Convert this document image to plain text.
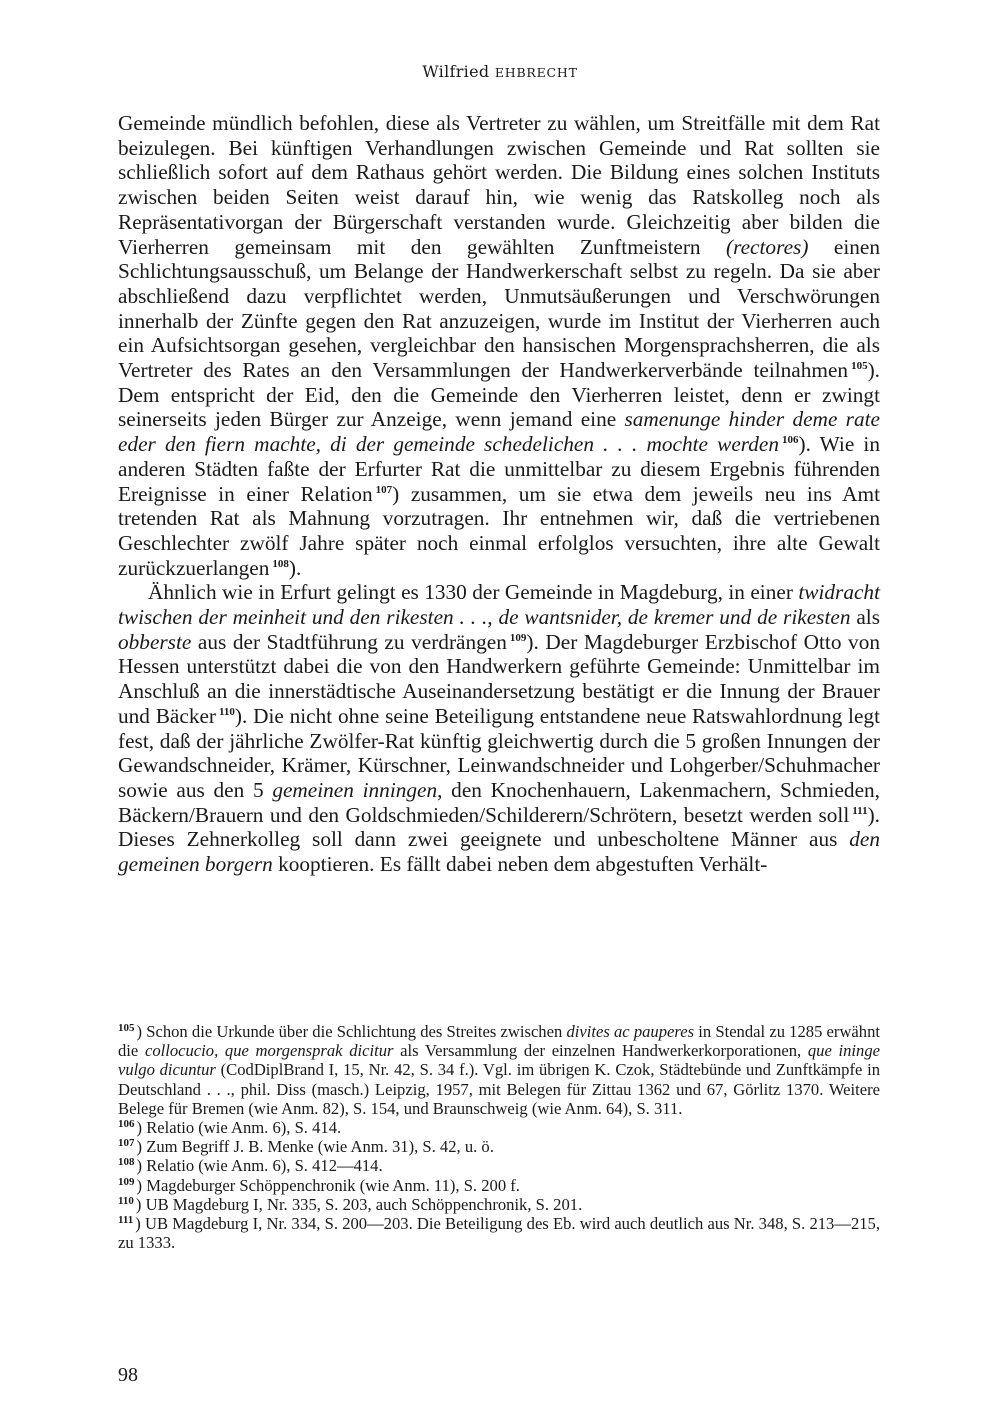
Wilfried EHBRECHT

Gemeinde mündlich befohlen, diese als Vertreter zu wählen, um Streitfälle mit dem Rat beizulegen. Bei künftigen Verhandlungen zwischen Gemeinde und Rat sollten sie schließlich sofort auf dem Rathaus gehört werden. Die Bildung eines solchen Instituts zwischen beiden Seiten weist darauf hin, wie wenig das Ratskolleg noch als Repräsentativorgan der Bürgerschaft verstanden wurde. Gleichzeitig aber bilden die Vierherren gemeinsam mit den gewählten Zunftmeistern (rectores) einen Schlichtungsausschuß, um Belange der Handwerkerschaft selbst zu regeln. Da sie aber abschließend dazu verpflichtet werden, Unmutsäußerungen und Verschwörungen innerhalb der Zünfte gegen den Rat anzuzeigen, wurde im Institut der Vierherren auch ein Aufsichtsorgan gesehen, vergleichbar den hansischen Morgensprachsherren, die als Vertreter des Rates an den Versammlungen der Handwerkerverbände teilnahmen $^{105}$). Dem entspricht der Eid, den die Gemeinde den Vierherren leistet, denn er zwingt seinerseits jeden Bürger zur Anzeige, wenn jemand eine samenunge hinder deme rate eder den fiern machte, di der gemeinde schedelichen . . . mochte werden $^{106}$). Wie in anderen Städten faßte der Erfurter Rat die unmittelbar zu diesem Ergebnis führenden Ereignisse in einer Relation $^{107}$) zusammen, um sie etwa dem jeweils neu ins Amt tretenden Rat als Mahnung vorzutragen. Ihr entnehmen wir, daß die vertriebenen Geschlechter zwölf Jahre später noch einmal erfolglos versuchten, ihre alte Gewalt zurückzuerlangen $^{108}$).

Ähnlich wie in Erfurt gelingt es 1330 der Gemeinde in Magdeburg, in einer twidracht twischen der meinheit und den rikesten . . ., de wantsnider, de kremer und de rikesten als obberste aus der Stadtführung zu verdrängen $^{109}$). Der Magdeburger Erzbischof Otto von Hessen unterstützt dabei die von den Handwerkern geführte Gemeinde: Unmittelbar im Anschluß an die innerstädtische Auseinandersetzung bestätigt er die Innung der Brauer und Bäcker $^{110}$). Die nicht ohne seine Beteiligung entstandene neue Ratswahlordnung legt fest, daß der jährliche Zwölfer-Rat künftig gleichwertig durch die 5 großen Innungen der Gewandschneider, Krämer, Kürschner, Leinwandschneider und Lohgerber/Schuhmacher sowie aus den 5 gemeinen inningen, den Knochenhauern, Lakenmachern, Schmieden, Bäckern/Brauern und den Goldschmieden/Schilderern/Schrötern, besetzt werden soll $^{111}$). Dieses Zehnerkolleg soll dann zwei geeignete und unbescholtene Männer aus den gemeinen borgern kooptieren. Es fällt dabei neben dem abgestuften Verhält-

$^{105}$ ) Schon die Urkunde über die Schlichtung des Streites zwischen divites ac pauperes in Stendal zu 1285 erwähnt die collocucio, que morgensprak dicitur als Versammlung der einzelnen Handwerkerkorporationen, que ininge vulgo dicuntur (CodDiplBrand I, 15, Nr. 42, S. 34 f.). Vgl. im übrigen K. Czok, Städtebünde und Zunftkämpfe in Deutschland . . ., phil. Diss (masch.) Leipzig, 1957, mit Belegen für Zittau 1362 und 67, Görlitz 1370. Weitere Belege für Bremen (wie Anm. 82), S. 154, und Braunschweig (wie Anm. 64), S. 311.
$^{106}$ ) Relatio (wie Anm. 6), S. 414.
$^{107}$ ) Zum Begriff J. B. Menke (wie Anm. 31), S. 42, u. ö.
$^{108}$ ) Relatio (wie Anm. 6), S. 412—414.
$^{109}$ ) Magdeburger Schöppenchronik (wie Anm. 11), S. 200 f.
$^{110}$ ) UB Magdeburg I, Nr. 335, S. 203, auch Schöppenchronik, S. 201.
$^{111}$ ) UB Magdeburg I, Nr. 334, S. 200—203. Die Beteiligung des Eb. wird auch deutlich aus Nr. 348, S. 213—215, zu 1333.
98
